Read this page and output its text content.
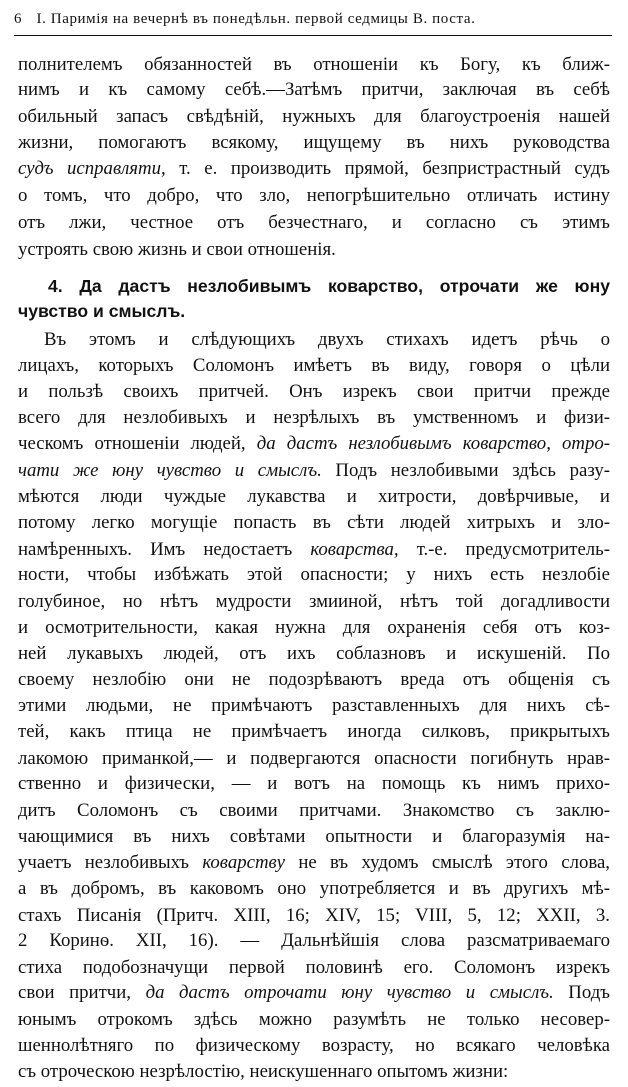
6 I. Паримiя на вечернѣ въ понедѣльн. первой седмицы В. поста.
полнителемъ обязанностей въ отношенiи къ Богу, къ ближ-
нимъ и къ самому себѣ.—Затѣмъ притчи, заключая въ себѣ
обильный запасъ свѣдѣнiй, нужныхъ для благоустроенiя нашей
жизни, помогаютъ всякому, ищущему въ нихъ руководства
судъ исправляти, т. е. производить прямой, безпристрастный судъ
о томъ, что добро, что зло, непогрѣшительно отличать истину
отъ лжи, честное отъ безчестнаго, и согласно съ этимъ
устроять свою жизнь и свои отношенiя.
4. Да дастъ незлобивымъ коварство, отрочати же юну
чувство и смыслъ.
Въ этомъ и слѣдующихъ двухъ стихахъ идетъ рѣчь о
лицахъ, которыхъ Соломонъ имѣетъ въ виду, говоря о цѣли
и пользѣ своихъ притчей. Онъ изрекъ свои притчи прежде
всего для незлобивыхъ и незрѣлыхъ въ умственномъ и физи-
ческомъ отношенiи людей, да дастъ незлобивымъ коварство, отро-
чати же юну чувство и смыслъ. Подъ незлобивыми здѣсь разу-
мѣются люди чуждые лукавства и хитрости, довѣрчивые, и
потому легко могущiе попасть въ сѣти людей хитрыхъ и зло-
намѣренныхъ. Имъ недостаетъ коварства, т.-е. предусмотритель-
ности, чтобы избѣжать этой опасности; у нихъ есть незлобiе
голубиное, но нѣтъ мудрости змииной, нѣтъ той догадливости
и осмотрительности, какая нужна для охраненiя себя отъ коз-
ней лукавыхъ людей, отъ ихъ соблазновъ и искушенiй. По
своему незлобiю они не подозрѣваютъ вреда отъ общенiя съ
этими людьми, не примѣчаютъ разставленныхъ для нихъ сѣ-
тей, какъ птица не примѣчаетъ иногда силковъ, прикрытыхъ
лакомою приманкой,— и подвергаются опасности погибнуть нрав-
ственно и физически, — и вотъ на помощь къ нимъ прихо-
дитъ Соломонъ съ своими притчами. Знакомство съ заклю-
чающимися въ нихъ совѣтами опытности и благоразумiя на-
учаетъ незлобивыхъ коварству не въ худомъ смыслѣ этого слова,
а въ добромъ, въ каковомъ оно употребляется и въ другихъ мѣ-
стахъ Писанiя (Притч. XIII, 16; XIV, 15; VIII, 5, 12; XXII, 3.
2 Коринѳ. XII, 16). — Дальнѣйшiя слова разсматриваемаго
стиха подобозначущи первой половинѣ его. Соломонъ изрекъ
свои притчи, да дастъ отрочати юну чувство и смыслъ. Подъ
юнымъ отрокомъ здѣсь можно разумѣть не только несовер-
шеннолѣтняго по физическому возрасту, но всякаго человѣка
съ отроческою незрѣлостiю, неискушеннаго опытомъ жизни:
